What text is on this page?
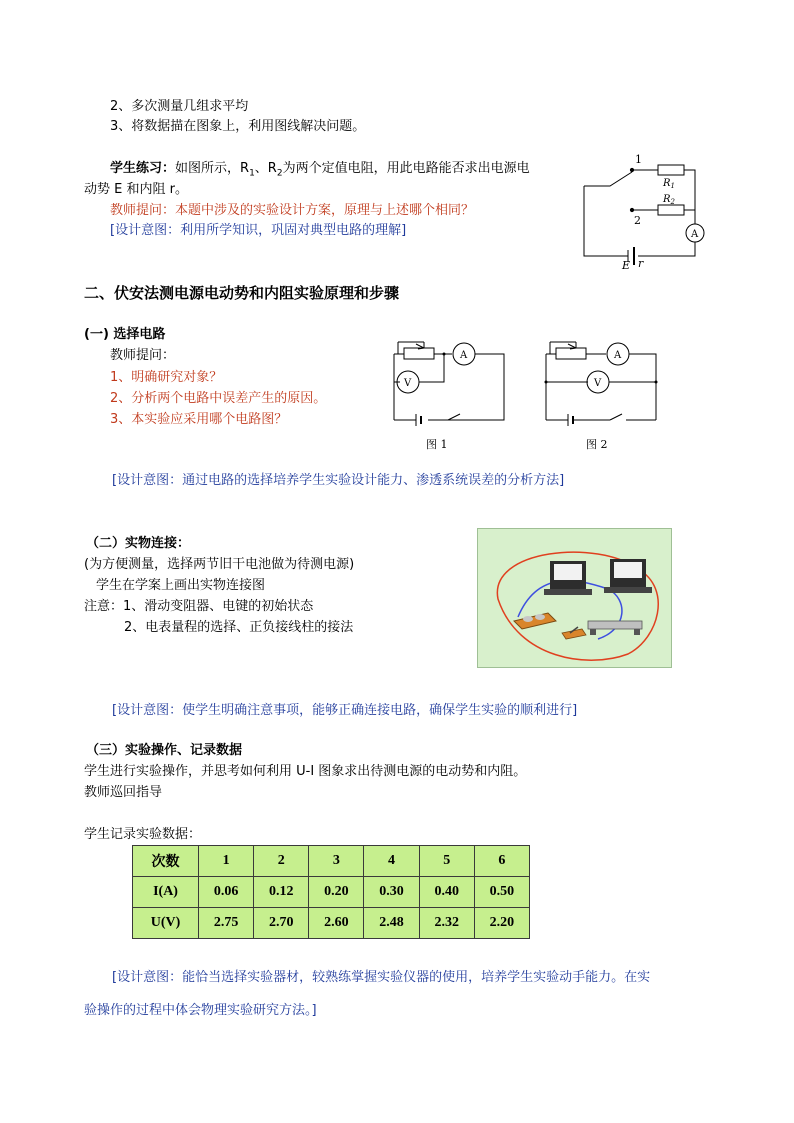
2、多次测量几组求平均
3、将数据描在图象上，利用图线解决问题。
学生练习：如图所示，$R_1$、$R_2$为两个定值电阻，用此电路能否求出电源电
动势 E 和内阻 r。
教师提问：本题中涉及的实验设计方案，原理与上述哪个相同？
[设计意图：利用所学知识，巩固对典型电路的理解]
1
2
$R_1$
$R_2$
A
E r
二、伏安法测电源电动势和内阻实验原理和步骤
(一) 选择电路
教师提问：
1、明确研究对象？
2、分析两个电路中误差产生的原因。
3、本实验应采用哪个电路图？
A
V
图 1
A
V
图 2
[设计意图：通过电路的选择培养学生实验设计能力、渗透系统误差的分析方法]
（二）实物连接：
(为方便测量，选择两节旧干电池做为待测电源)
学生在学案上画出实物连接图
注意：1、滑动变阻器、电键的初始状态
2、电表量程的选择、正负接线柱的接法
[设计意图：使学生明确注意事项，能够正确连接电路，确保学生实验的顺利进行]
（三）实验操作、记录数据
学生进行实验操作，并思考如何利用 U-I 图象求出待测电源的电动势和内阻。
教师巡回指导
学生记录实验数据：
次数	1	2	3	4	5	6
I(A)	0.06	0.12	0.20	0.30	0.40	0.50
U(V)	2.75	2.70	2.60	2.48	2.32	2.20
[设计意图：能恰当选择实验器材，较熟练掌握实验仪器的使用，培养学生实验动手能力。在实
验操作的过程中体会物理实验研究方法。]
